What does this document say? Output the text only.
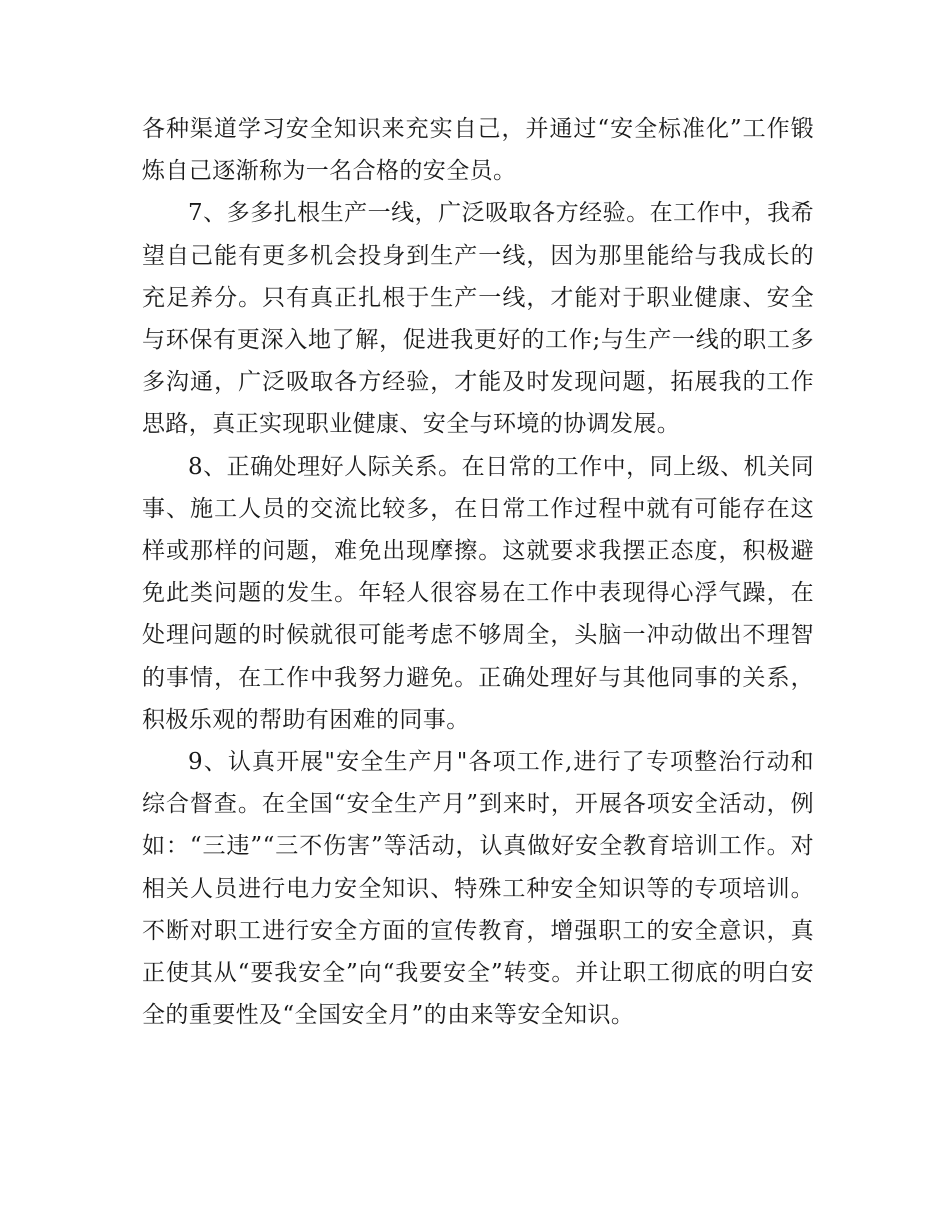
各种渠道学习安全知识来充实自己，并通过“安全标准化”工作锻炼自己逐渐称为一名合格的安全员。

7、多多扎根生产一线，广泛吸取各方经验。在工作中，我希望自己能有更多机会投身到生产一线，因为那里能给与我成长的充足养分。只有真正扎根于生产一线，才能对于职业健康、安全与环保有更深入地了解，促进我更好的工作;与生产一线的职工多多沟通，广泛吸取各方经验，才能及时发现问题，拓展我的工作思路，真正实现职业健康、安全与环境的协调发展。

8、正确处理好人际关系。在日常的工作中，同上级、机关同事、施工人员的交流比较多，在日常工作过程中就有可能存在这样或那样的问题，难免出现摩擦。这就要求我摆正态度，积极避免此类问题的发生。年轻人很容易在工作中表现得心浮气躁，在处理问题的时候就很可能考虑不够周全，头脑一冲动做出不理智的事情，在工作中我努力避免。正确处理好与其他同事的关系，积极乐观的帮助有困难的同事。

9、认真开展"安全生产月"各项工作,进行了专项整治行动和综合督查。在全国“安全生产月”到来时，开展各项安全活动，例如：“三违”“三不伤害”等活动，认真做好安全教育培训工作。对相关人员进行电力安全知识、特殊工种安全知识等的专项培训。不断对职工进行安全方面的宣传教育，增强职工的安全意识，真正使其从“要我安全”向“我要安全”转变。并让职工彻底的明白安全的重要性及“全国安全月”的由来等安全知识。
